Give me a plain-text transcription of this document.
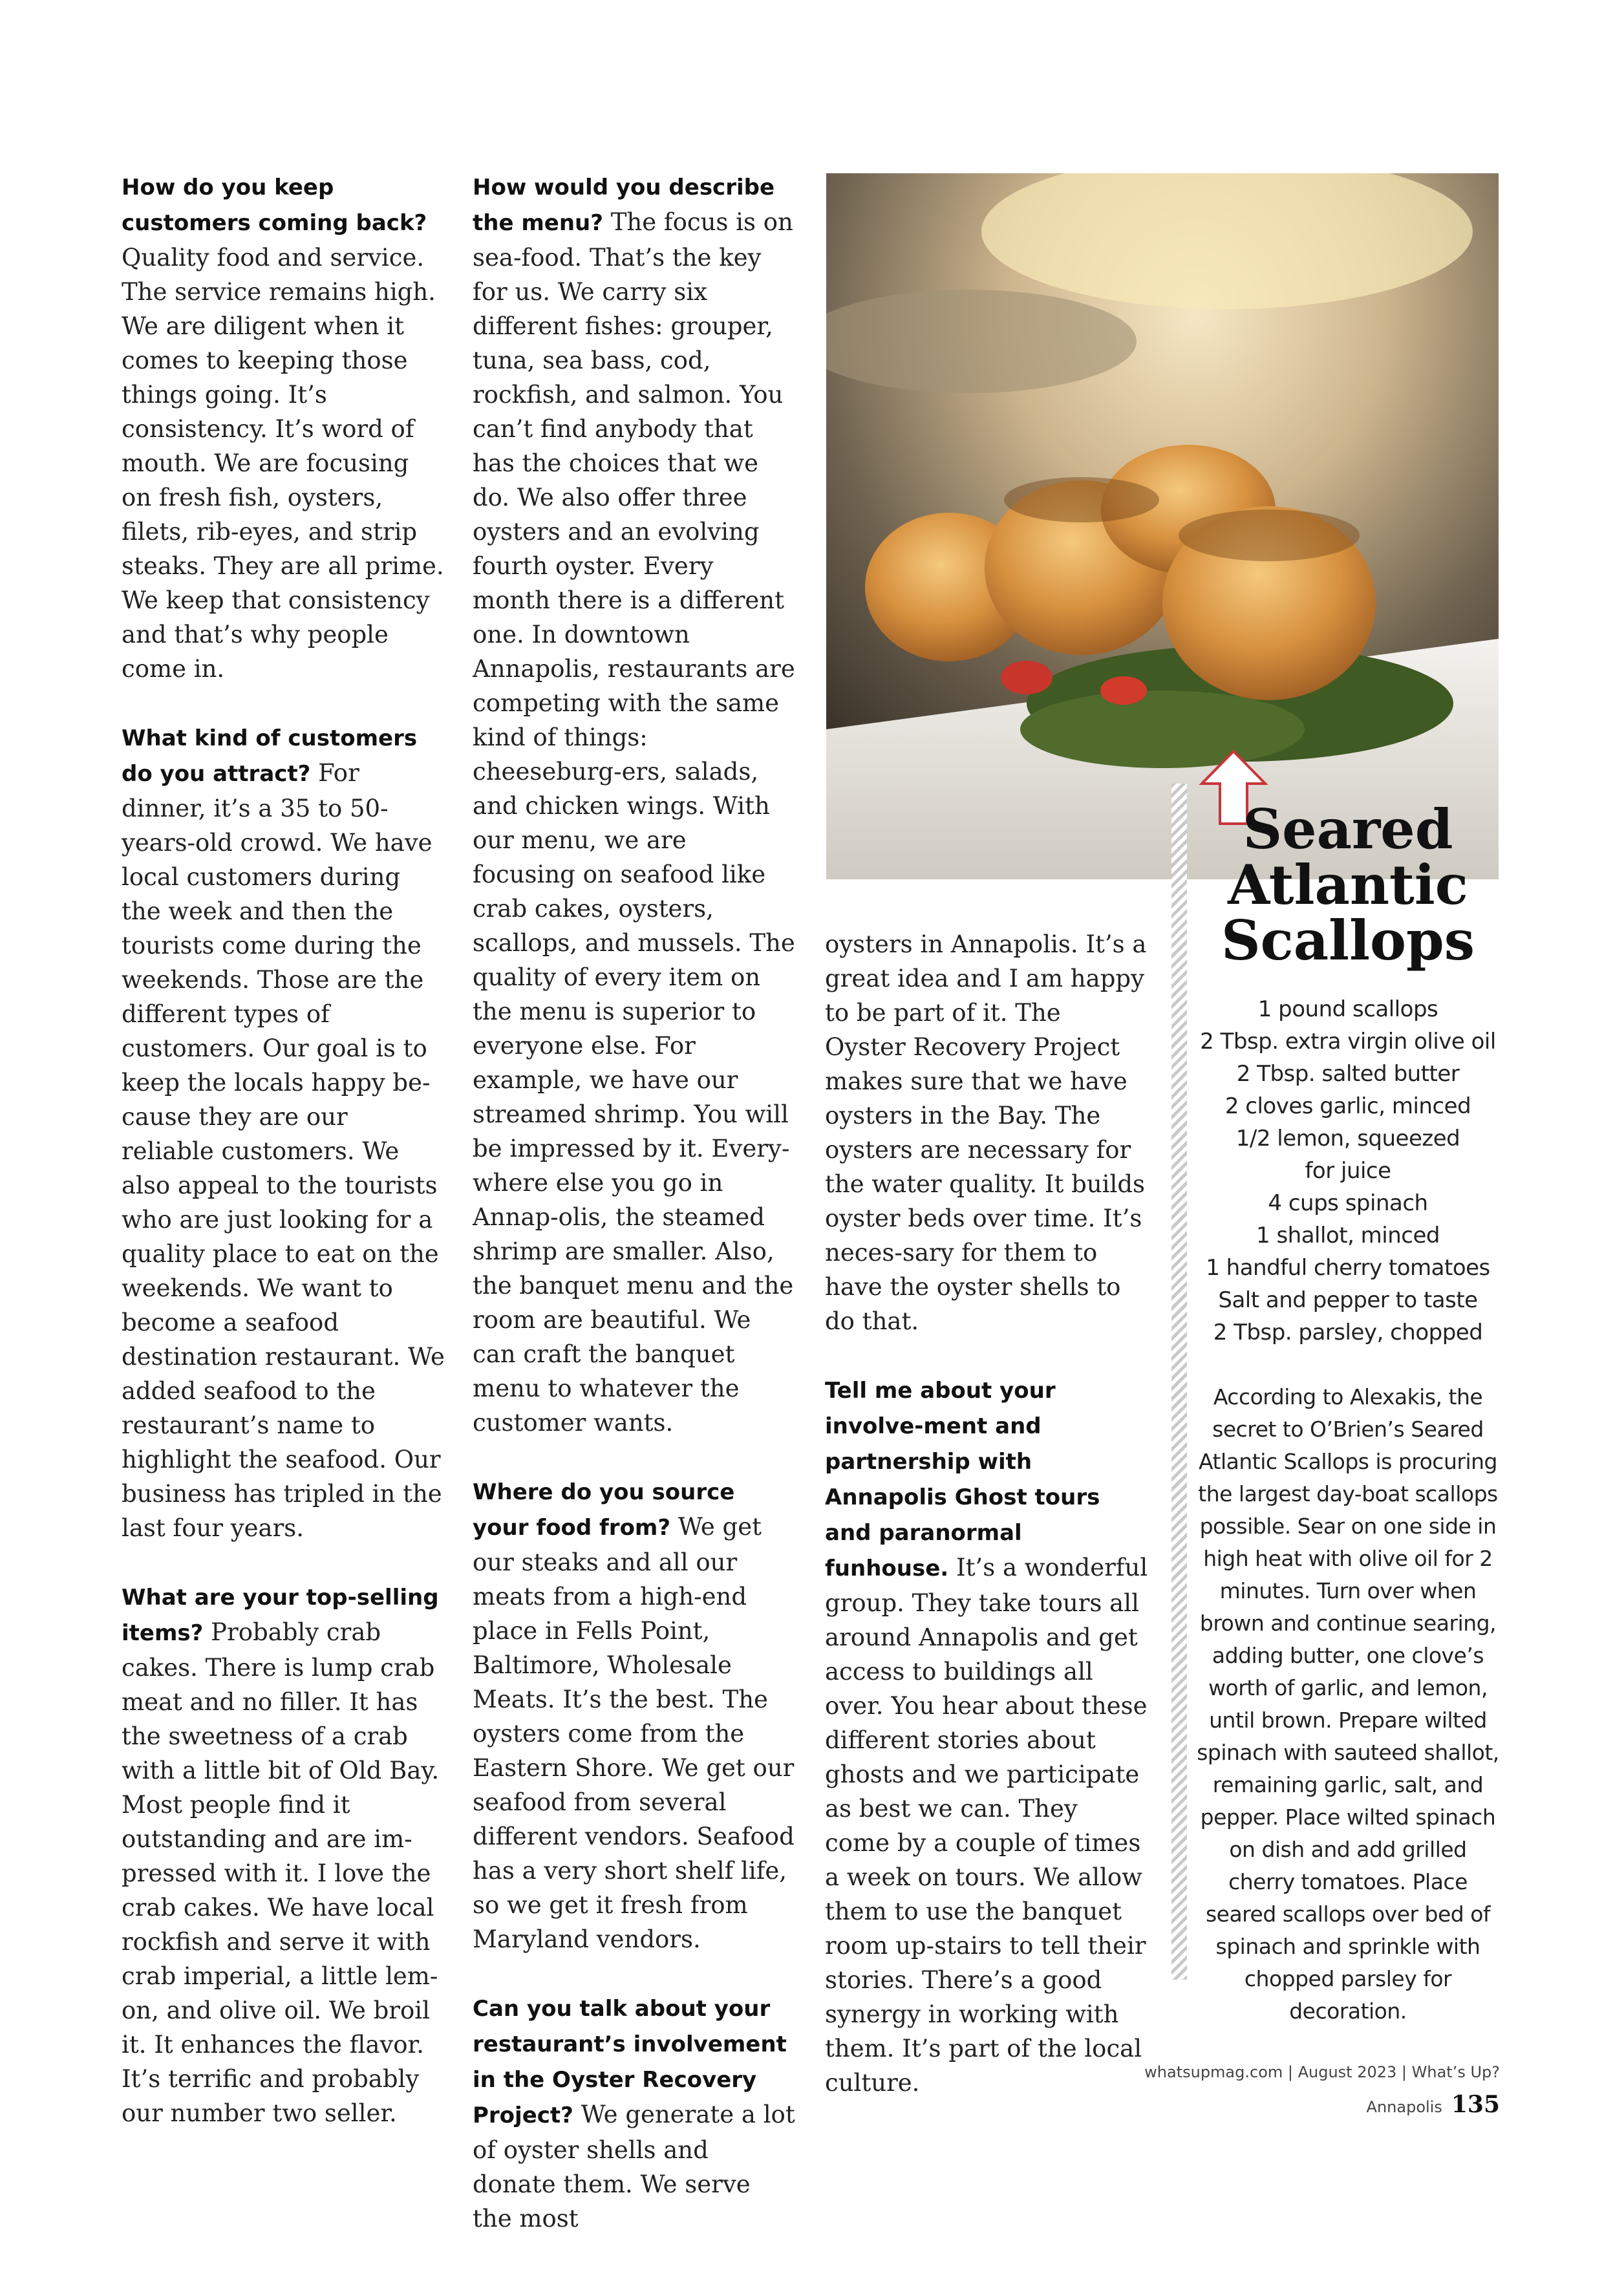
How do you keep customers coming back? Quality food and service. The service remains high. We are diligent when it comes to keeping those things going. It’s consistency. It’s word of mouth. We are focusing on fresh fish, oysters, filets, rib-eyes, and strip steaks. They are all prime. We keep that consistency and that’s why people come in.

What kind of customers do you attract? For dinner, it’s a 35 to 50-years-old crowd. We have local customers during the week and then the tourists come during the weekends. Those are the different types of customers. Our goal is to keep the locals happy be-cause they are our reliable customers. We also appeal to the tourists who are just looking for a quality place to eat on the weekends. We want to become a seafood destination restaurant. We added seafood to the restaurant’s name to highlight the seafood. Our business has tripled in the last four years.

What are your top-selling items? Probably crab cakes. There is lump crab meat and no filler. It has the sweetness of a crab with a little bit of Old Bay. Most people find it outstanding and are im-pressed with it. I love the crab cakes. We have local rockfish and serve it with crab imperial, a little lem-on, and olive oil. We broil it. It enhances the flavor. It’s terrific and probably our number two seller.

How would you describe the menu? The focus is on sea-food. That’s the key for us. We carry six different fishes: grouper, tuna, sea bass, cod, rockfish, and salmon. You can’t find anybody that has the choices that we do. We also offer three oysters and an evolving fourth oyster. Every month there is a different one. In downtown Annapolis, restaurants are competing with the same kind of things: cheeseburg-ers, salads, and chicken wings. With our menu, we are focusing on seafood like crab cakes, oysters, scallops, and mussels. The quality of every item on the menu is superior to everyone else. For example, we have our streamed shrimp. You will be impressed by it. Every-where else you go in Annap-olis, the steamed shrimp are smaller. Also, the banquet menu and the room are beautiful. We can craft the banquet menu to whatever the customer wants.

Where do you source your food from? We get our steaks and all our meats from a high-end place in Fells Point, Baltimore, Wholesale Meats. It’s the best. The oysters come from the Eastern Shore. We get our seafood from several different vendors. Seafood has a very short shelf life, so we get it fresh from Maryland vendors.

Can you talk about your restaurant’s involvement in the Oyster Recovery Project? We generate a lot of oyster shells and donate them. We serve the most

oysters in Annapolis. It’s a great idea and I am happy to be part of it. The Oyster Recovery Project makes sure that we have oysters in the Bay. The oysters are necessary for the water quality. It builds oyster beds over time. It’s neces-sary for them to have the oyster shells to do that.

Tell me about your involve-ment and partnership with Annapolis Ghost tours and paranormal funhouse. It’s a wonderful group. They take tours all around Annapolis and get access to buildings all over. You hear about these different stories about ghosts and we participate as best we can. They come by a couple of times a week on tours. We allow them to use the banquet room up-stairs to tell their stories. There’s a good synergy in working with them. It’s part of the local culture.

Seared
Atlantic
Scallops
1 pound scallops
2 Tbsp. extra virgin olive oil
2 Tbsp. salted butter
2 cloves garlic, minced
1/2 lemon, squeezed for juice
4 cups spinach
1 shallot, minced
1 handful cherry tomatoes
Salt and pepper to taste
2 Tbsp. parsley, chopped

According to Alexakis, the secret to O’Brien’s Seared Atlantic Scallops is procuring the largest day-boat scallops possible. Sear on one side in high heat with olive oil for 2 minutes. Turn over when brown and continue searing, adding butter, one clove’s worth of garlic, and lemon, until brown. Prepare wilted spinach with sauteed shallot, remaining garlic, salt, and pepper. Place wilted spinach on dish and add grilled cherry tomatoes. Place seared scallops over bed of spinach and sprinkle with chopped parsley for decoration.

whatsupmag.com | August 2023 | What’s Up? Annapolis 135
